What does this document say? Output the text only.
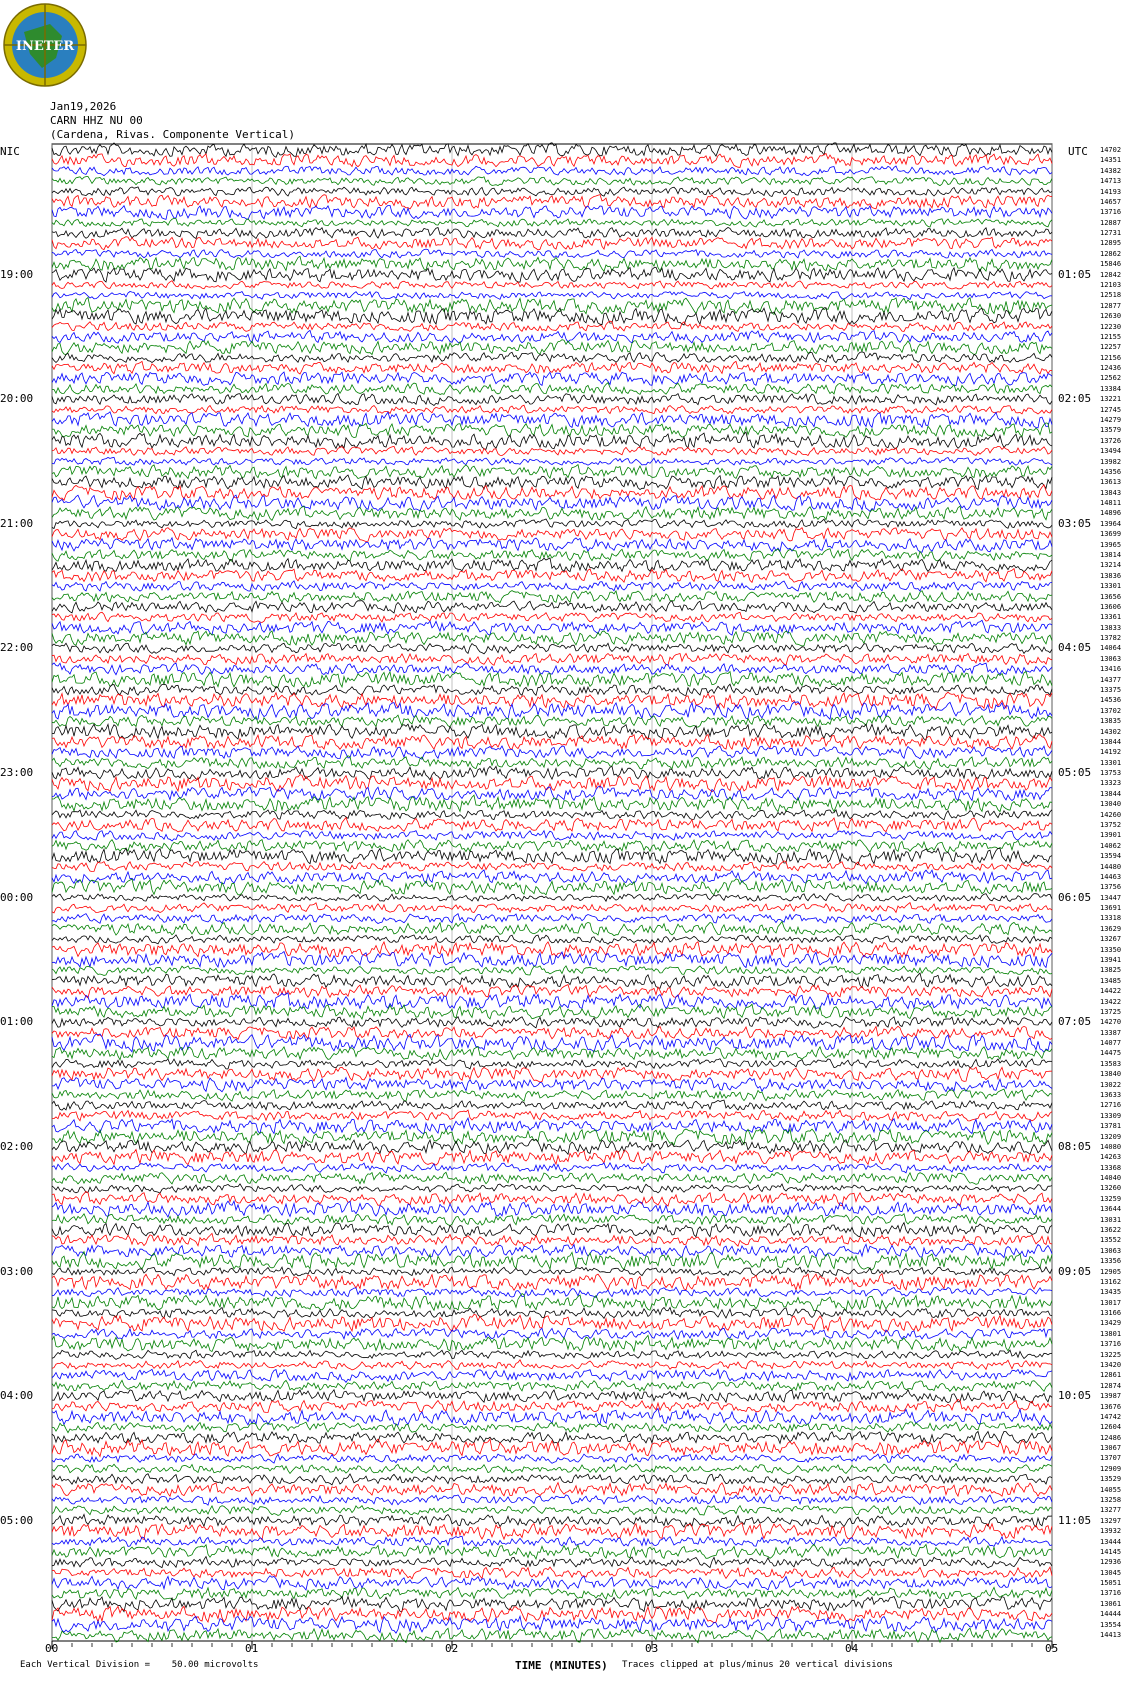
INETER
Jan19,2026
CARN HHZ NU 00
(Cardena, Rivas. Componente Vertical)
NIC	UTC
19:00
20:00
21:00
22:00
23:00
00:00
01:00
02:00
03:00
04:00
05:00
01:05
02:05
03:05
04:05
05:05
06:05
07:05
08:05
09:05
10:05
11:05
14702
14351
14382
14713
14193
14657
13716
12887
12731
12895
12862
15846
12842
12103
12518
12877
12630
12230
12155
12257
12156
12436
12562
13384
13221
12745
14279
13579
13726
13494
13982
14356
13613
13843
14811
14896
13964
13699
13965
13814
13214
13836
13301
13656
13606
13361
13833
13782
14064
13063
13416
14377
13375
14536
13702
13835
14302
13844
14192
13301
13753
13323
13844
13040
14260
13752
13901
14062
13594
14480
14463
13756
13447
13691
13318
13629
13267
13350
13941
13825
13485
14422
13422
13725
14270
13387
14077
14475
13583
13840
13022
13633
12716
13309
13781
13209
14080
14263
13368
14040
13260
13259
13644
13031
13622
13552
13063
13356
12905
13162
13435
13017
13166
13429
13801
13716
13225
13420
12861
12874
13987
13676
14742
12604
12486
13067
13707
12909
13529
14055
13258
13277
13297
13932
13444
14145
12936
13045
15051
13716
13061
14444
13554
14413
00	01	02	03	04	05
TIME (MINUTES)
Each Vertical Division =    50.00 microvolts	Traces clipped at plus/minus 20 vertical divisions
